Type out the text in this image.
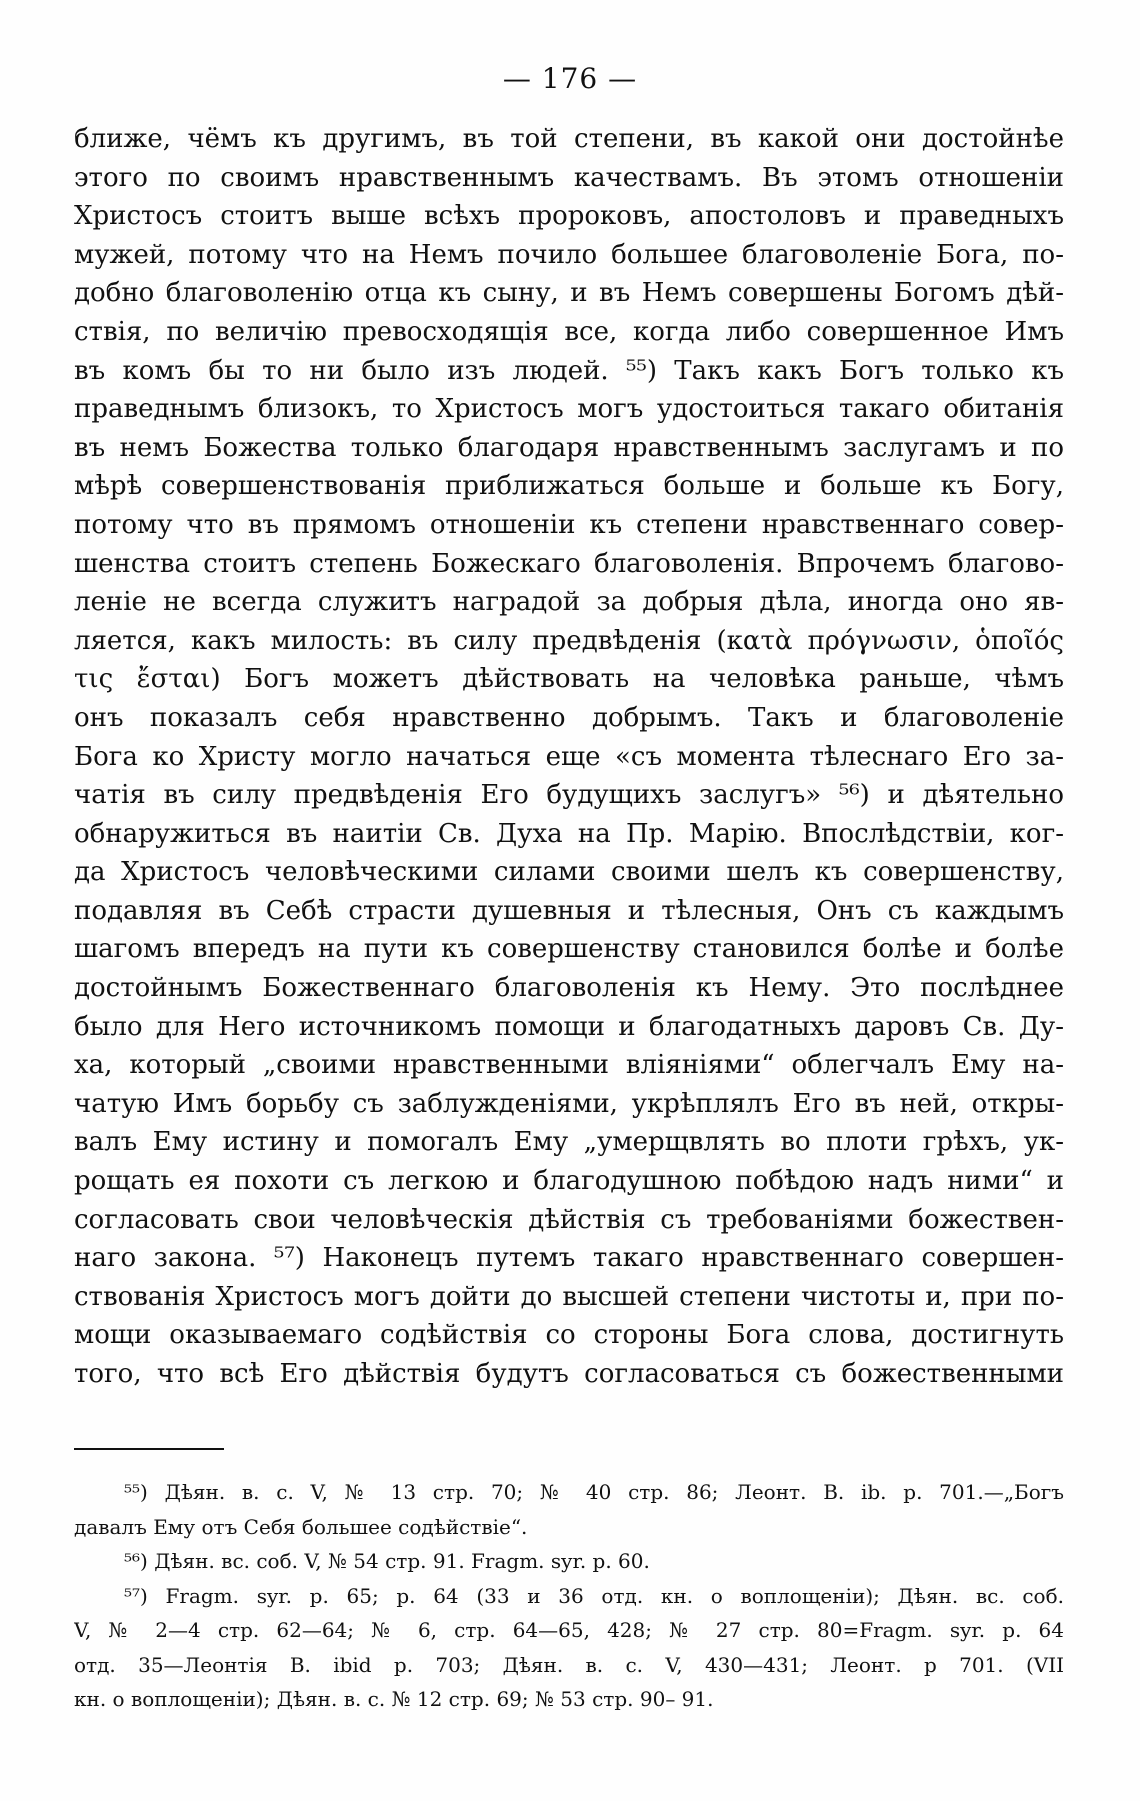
— 176 —
ближе, чёмъ къ другимъ, въ той степени, въ какой они достойнѣе
этого по своимъ нравственнымъ качествамъ. Въ этомъ отношеніи
Христосъ стоитъ выше всѣхъ пророковъ, апостоловъ и праведныхъ
мужей, потому что на Немъ почило большее благоволеніе Бога, по-
добно благоволенію отца къ сыну, и въ Немъ совершены Богомъ дѣй-
ствія, по величію превосходящія все, когда либо совершенное Имъ
въ комъ бы то ни было изъ людей. ⁵⁵) Такъ какъ Богъ только къ
праведнымъ близокъ, то Христосъ могъ удостоиться такаго обитанія
въ немъ Божества только благодаря нравственнымъ заслугамъ и по
мѣрѣ совершенствованія приближаться больше и больше къ Богу,
потому что въ прямомъ отношеніи къ степени нравственнаго совер-
шенства стоитъ степень Божескаго благоволенія. Впрочемъ благово-
леніе не всегда служитъ наградой за добрыя дѣла, иногда оно яв-
ляется, какъ милость: въ силу предвѣденія (κατὰ πρόγνωσιν, ὁποῖός
τις ἔσται) Богъ можетъ дѣйствовать на человѣка раньше, чѣмъ
онъ показалъ себя нравственно добрымъ. Такъ и благоволеніе
Бога ко Христу могло начаться еще «съ момента тѣлеснаго Его за-
чатія въ силу предвѣденія Его будущихъ заслугъ» ⁵⁶) и дѣятельно
обнаружиться въ наитіи Св. Духа на Пр. Марію. Впослѣдствіи, ког-
да Христосъ человѣческими силами своими шелъ къ совершенству,
подавляя въ Себѣ страсти душевныя и тѣлесныя, Онъ съ каждымъ
шагомъ впередъ на пути къ совершенству становился болѣе и болѣе
достойнымъ Божественнаго благоволенія къ Нему. Это послѣднее
было для Него источникомъ помощи и благодатныхъ даровъ Св. Ду-
ха, который „своими нравственными вліяніями“ облегчалъ Ему на-
чатую Имъ борьбу съ заблужденіями, укрѣплялъ Его въ ней, откры-
валъ Ему истину и помогалъ Ему „умерщвлять во плоти грѣхъ, ук-
рощать ея похоти съ легкою и благодушною побѣдою надъ ними“ и
согласовать свои человѣческія дѣйствія съ требованіями божествен-
наго закона. ⁵⁷) Наконецъ путемъ такаго нравственнаго совершен-
ствованія Христосъ могъ дойти до высшей степени чистоты и, при по-
мощи оказываемаго содѣйствія со стороны Бога слова, достигнуть
того, что всѣ Его дѣйствія будутъ согласоваться съ божественными
⁵⁵) Дѣян. в. с. V, № 13 стр. 70; № 40 стр. 86; Леонт. В. ib. p. 701.—„Богъ
давалъ Ему отъ Себя большее содѣйствіе“.
⁵⁶) Дѣян. вс. соб. V, № 54 стр. 91. Fragm. syr. p. 60.
⁵⁷) Fragm. syr. p. 65; p. 64 (33 и 36 отд. кн. о воплощеніи); Дѣян. вс. соб.
V, № 2—4 стр. 62—64; № 6, стр. 64—65, 428; № 27 стр. 80=Fragm. syr. p. 64
отд. 35—Леонтія В. ibid p. 703; Дѣян. в. с. V, 430—431; Леонт. p 701. (VII
кн. о воплощеніи); Дѣян. в. с. № 12 стр. 69; № 53 стр. 90– 91.
